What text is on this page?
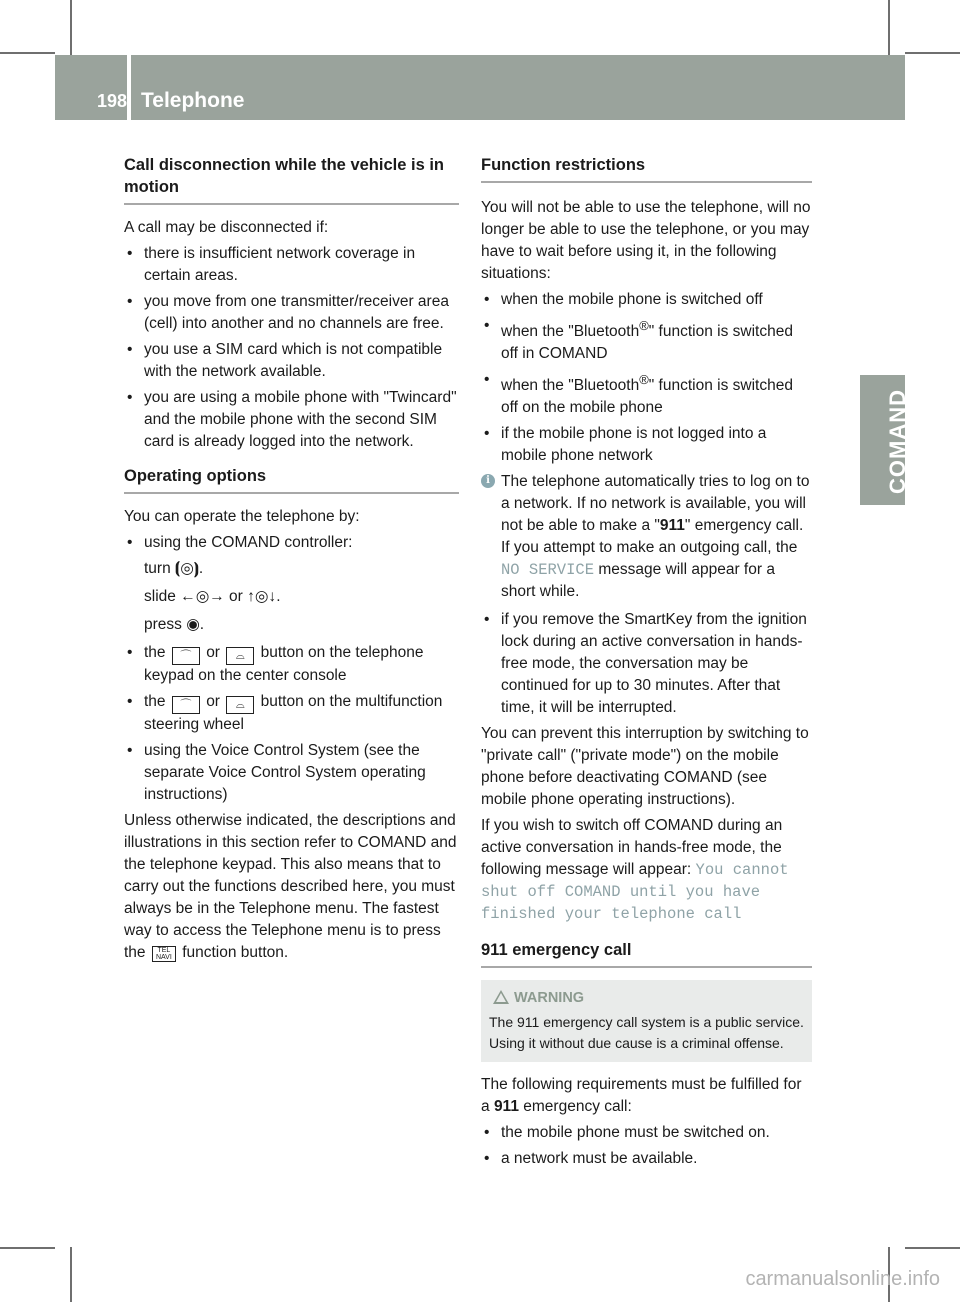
198 Telephone
COMAND
Call disconnection while the vehicle is in motion

A call may be disconnected if:

• there is insufficient network coverage in certain areas.
• you move from one transmitter/receiver area (cell) into another and no channels are free.
• you use a SIM card which is not compatible with the network available.
• you are using a mobile phone with "Twincard" and the mobile phone with the second SIM card is already logged into the network.
Operating options

You can operate the telephone by:

• using the COMAND controller:
turn ⦗◎⦘.
slide ←◎→ or ↑◎↓.
press ◉.
• the ⌒ or ⌓ button on the telephone keypad on the center console
• the ⌒ or ⌓ button on the multifunction steering wheel
• using the Voice Control System (see the separate Voice Control System operating instructions)

Unless otherwise indicated, the descriptions and illustrations in this section refer to COMAND and the telephone keypad. This also means that to carry out the functions described here, you must always be in the Telephone menu. The fastest way to access the Telephone menu is to press the TEL
NAVI function button.

Function restrictions

You will not be able to use the telephone, will no longer be able to use the telephone, or you may have to wait before using it, in the following situations:

• when the mobile phone is switched off
• when the "Bluetooth®" function is switched off in COMAND
• when the "Bluetooth®" function is switched off on the mobile phone
• if the mobile phone is not logged into a mobile phone network
i The telephone automatically tries to log on to a network. If no network is available, you will not be able to make a "911" emergency call. If you attempt to make an outgoing call, the NO SERVICE message will appear for a short while.
• if you remove the SmartKey from the ignition lock during an active conversation in hands-free mode, the conversation may be continued for up to 30 minutes. After that time, it will be interrupted.

You can prevent this interruption by switching to "private call" ("private mode") on the mobile phone before deactivating COMAND (see mobile phone operating instructions).

If you wish to switch off COMAND during an active conversation in hands-free mode, the following message will appear: You cannot shut off COMAND until you have finished your telephone call

911 emergency call
WARNING
The 911 emergency call system is a public service. Using it without due cause is a criminal offense.

The following requirements must be fulfilled for a 911 emergency call:

• the mobile phone must be switched on.
• a network must be available.
carmanualsonline.info
